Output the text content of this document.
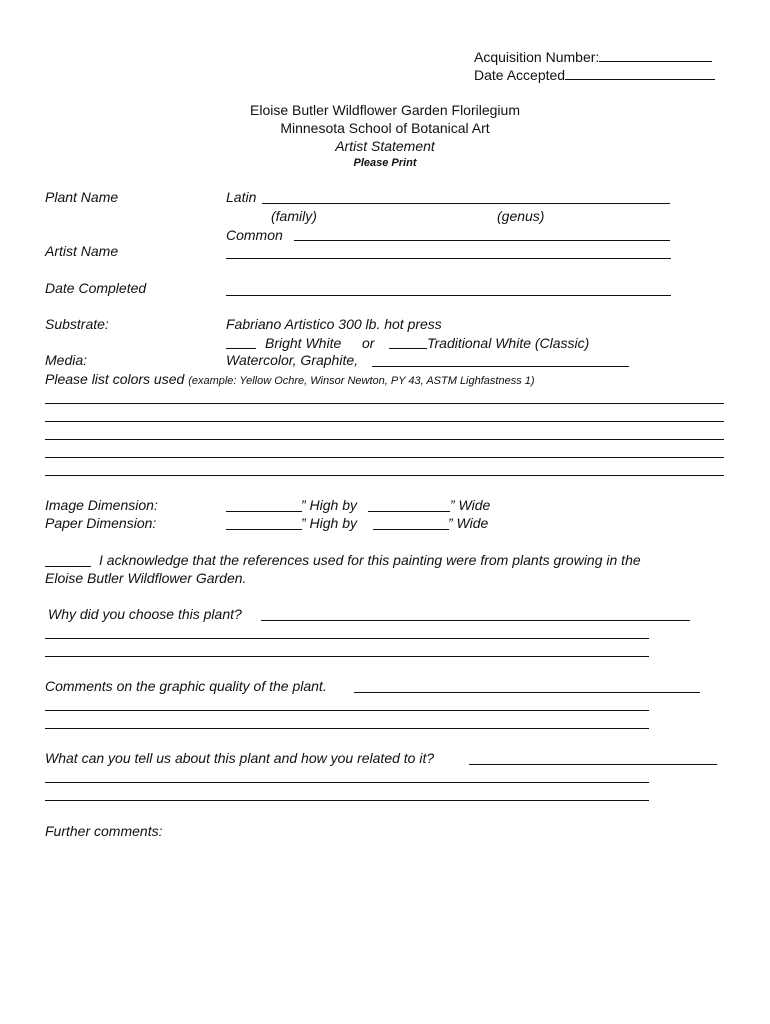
Acquisition Number:
Date Accepted
Eloise Butler Wildflower Garden Florilegium
Minnesota School of Botanical Art
Artist Statement
Please Print
Plant Name	Latin
(family)	(genus)
Common
Artist Name
Date Completed
Substrate:	Fabriano Artistico 300 lb. hot press
Bright White or	Traditional White (Classic)
Media:	Watercolor, Graphite,
Please list colors used (example: Yellow Ochre, Winsor Newton, PY 43, ASTM Lighfastness 1)
Image Dimension:	” High by	” Wide
Paper Dimension:	” High by	” Wide
I acknowledge that the references used for this painting were from plants growing in the
Eloise Butler Wildflower Garden.
Why did you choose this plant?
Comments on the graphic quality of the plant.
What can you tell us about this plant and how you related to it?
Further comments:
